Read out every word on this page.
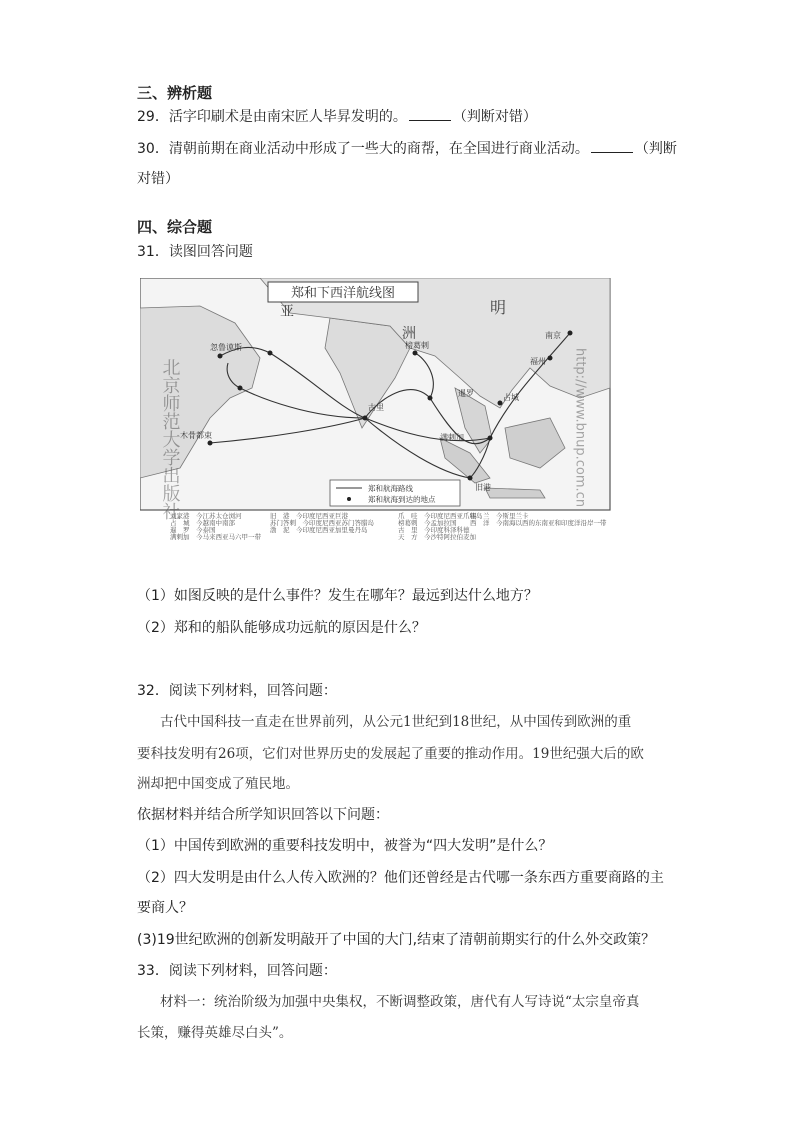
三、辨析题
29．活字印刷术是由南宋匠人毕昇发明的。	（判断对错）
30．清朝前期在商业活动中形成了一些大的商帮，在全国进行商业活动。	（判断
对错）
四、综合题
31．读图回答问题
郑和下西洋航线图
明
洲
亚
南京
福州
榜葛剌
古里
暹罗	占城
旧港
满剌加
木骨都束
忽鲁谟斯
北京师范大学出版社	http://www.bnup.com.cn
郑和航海路线
郑和航海到达的地点
刘家港　今江苏太仓浏河
占　城　今越南中南部
暹　罗　今泰国
满剌加　今马来西亚马六甲一带
旧　港　今印度尼西亚巨港
苏门答剌　今印度尼西亚苏门答腊岛
渤　泥　今印度尼西亚加里曼丹岛
爪　哇　今印度尼西亚爪哇岛
榜葛剌　今孟加拉国
古　里　今印度科泽科德
天　方　今沙特阿拉伯麦加
锡　兰　今斯里兰卡
西　洋　今南海以西的东南亚和印度洋沿岸一带
（1）如图反映的是什么事件？发生在哪年？最远到达什么地方？
（2）郑和的船队能够成功远航的原因是什么？
32．阅读下列材料，回答问题：
古代中国科技一直走在世界前列，从公元1世纪到18世纪，从中国传到欧洲的重
要科技发明有26项，它们对世界历史的发展起了重要的推动作用。19世纪强大后的欧
洲却把中国变成了殖民地。
依据材料并结合所学知识回答以下问题：
（1）中国传到欧洲的重要科技发明中，被誉为“四大发明”是什么？
（2）四大发明是由什么人传入欧洲的？他们还曾经是古代哪一条东西方重要商路的主
要商人？
(3)19世纪欧洲的创新发明敲开了中国的大门,结束了清朝前期实行的什么外交政策？
33．阅读下列材料，回答问题：
材料一：统治阶级为加强中央集权，不断调整政策，唐代有人写诗说“太宗皇帝真
长策，赚得英雄尽白头”。
